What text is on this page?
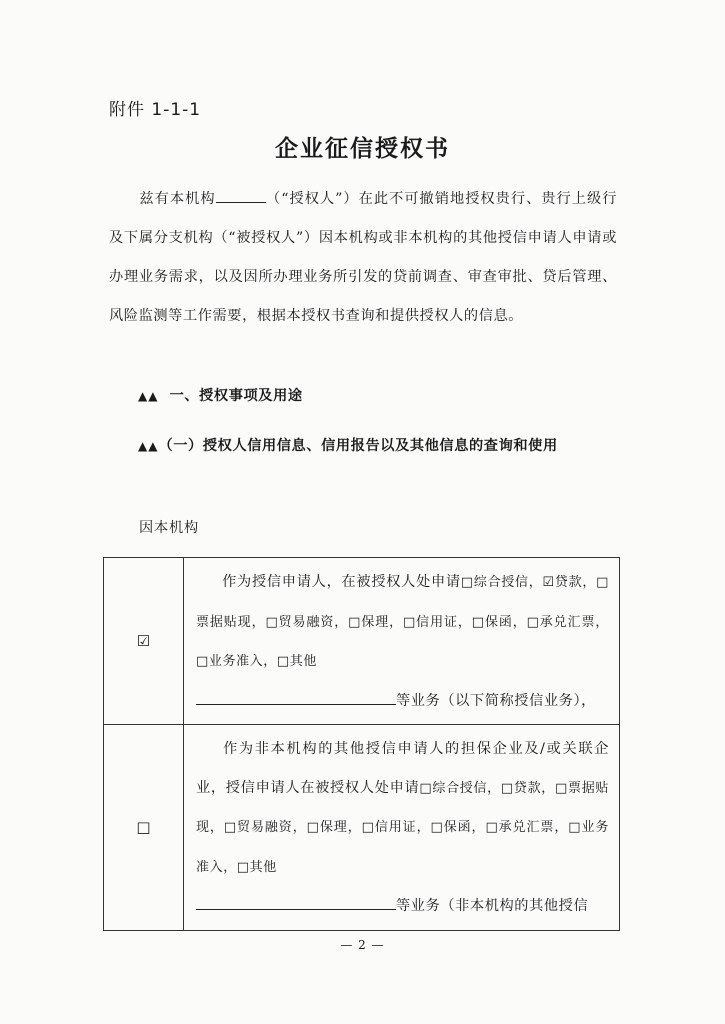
附件 1-1-1
企业征信授权书
兹有本机构	（“授权人”）在此不可撤销地授权贵行、贵行上级行及下属分支机构（“被授权人”）因本机构或非本机构的其他授信申请人申请或办理业务需求，以及因所办理业务所引发的贷前调查、审查审批、贷后管理、风险监测等工作需要，根据本授权书查询和提供授权人的信息。
▲▲ 一、授权事项及用途
▲▲（一）授权人信用信息、信用报告以及其他信息的查询和使用
因本机构
☑	作为授信申请人，在被授权人处申请□综合授信，☑贷款，□票据贴现，□贸易融资，□保理，□信用证，□保函，□承兑汇票，□业务准入，□其他
等业务（以下简称授信业务），
□	作为非本机构的其他授信申请人的担保企业及/或关联企业，授信申请人在被授权人处申请□综合授信，□贷款，□票据贴现，□贸易融资，□保理，□信用证，□保函，□承兑汇票，□业务准入，□其他
等业务（非本机构的其他授信
— 2 —
